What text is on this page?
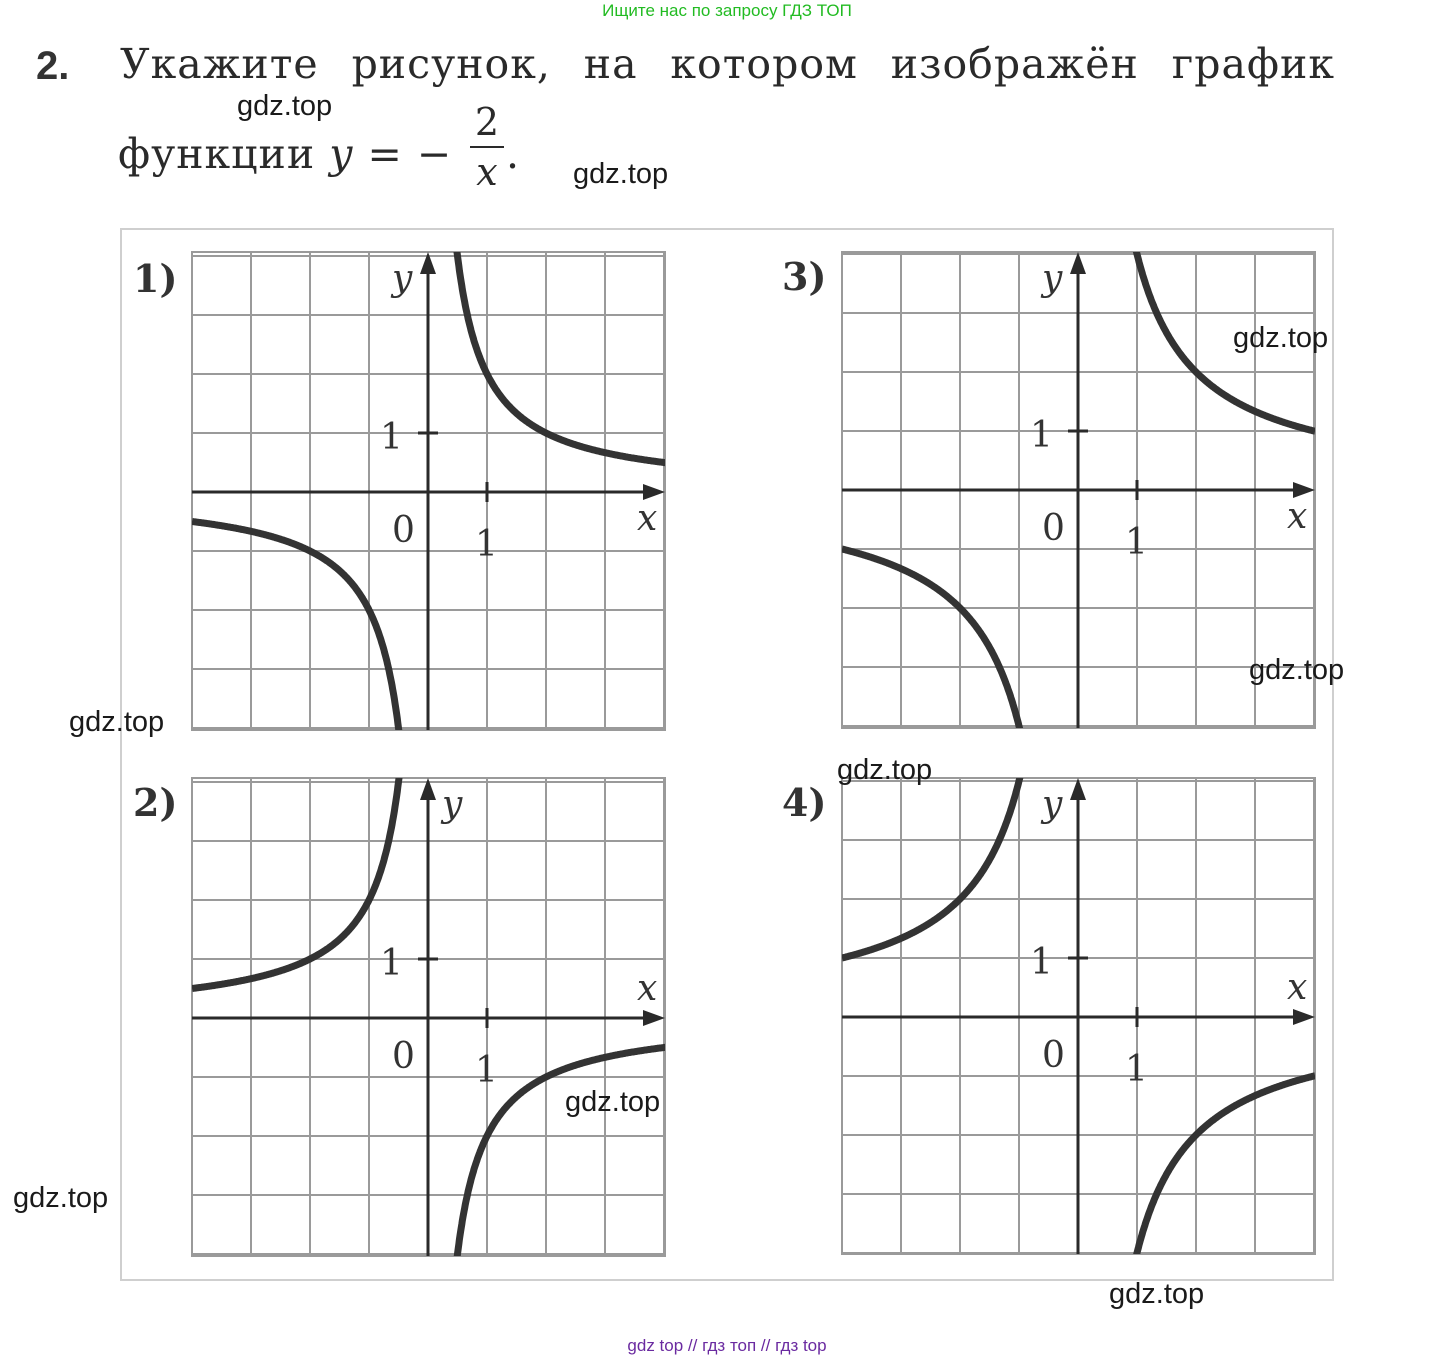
Ищите нас по запросу ГДЗ ТОП
2. Укажите рисунок, на котором изображён график
функции y = −
2
x .
1)
2)
3)
4)
x
y
0 1
1
x
y
0 1
1
x
y
0 1
1
x
y
0 1
1
gdz.top
gdz.top
gdz.top
gdz.top
gdz.top
gdz.top
gdz.top
gdz.top
gdz.top
gdz top // гдз топ // гдз top
